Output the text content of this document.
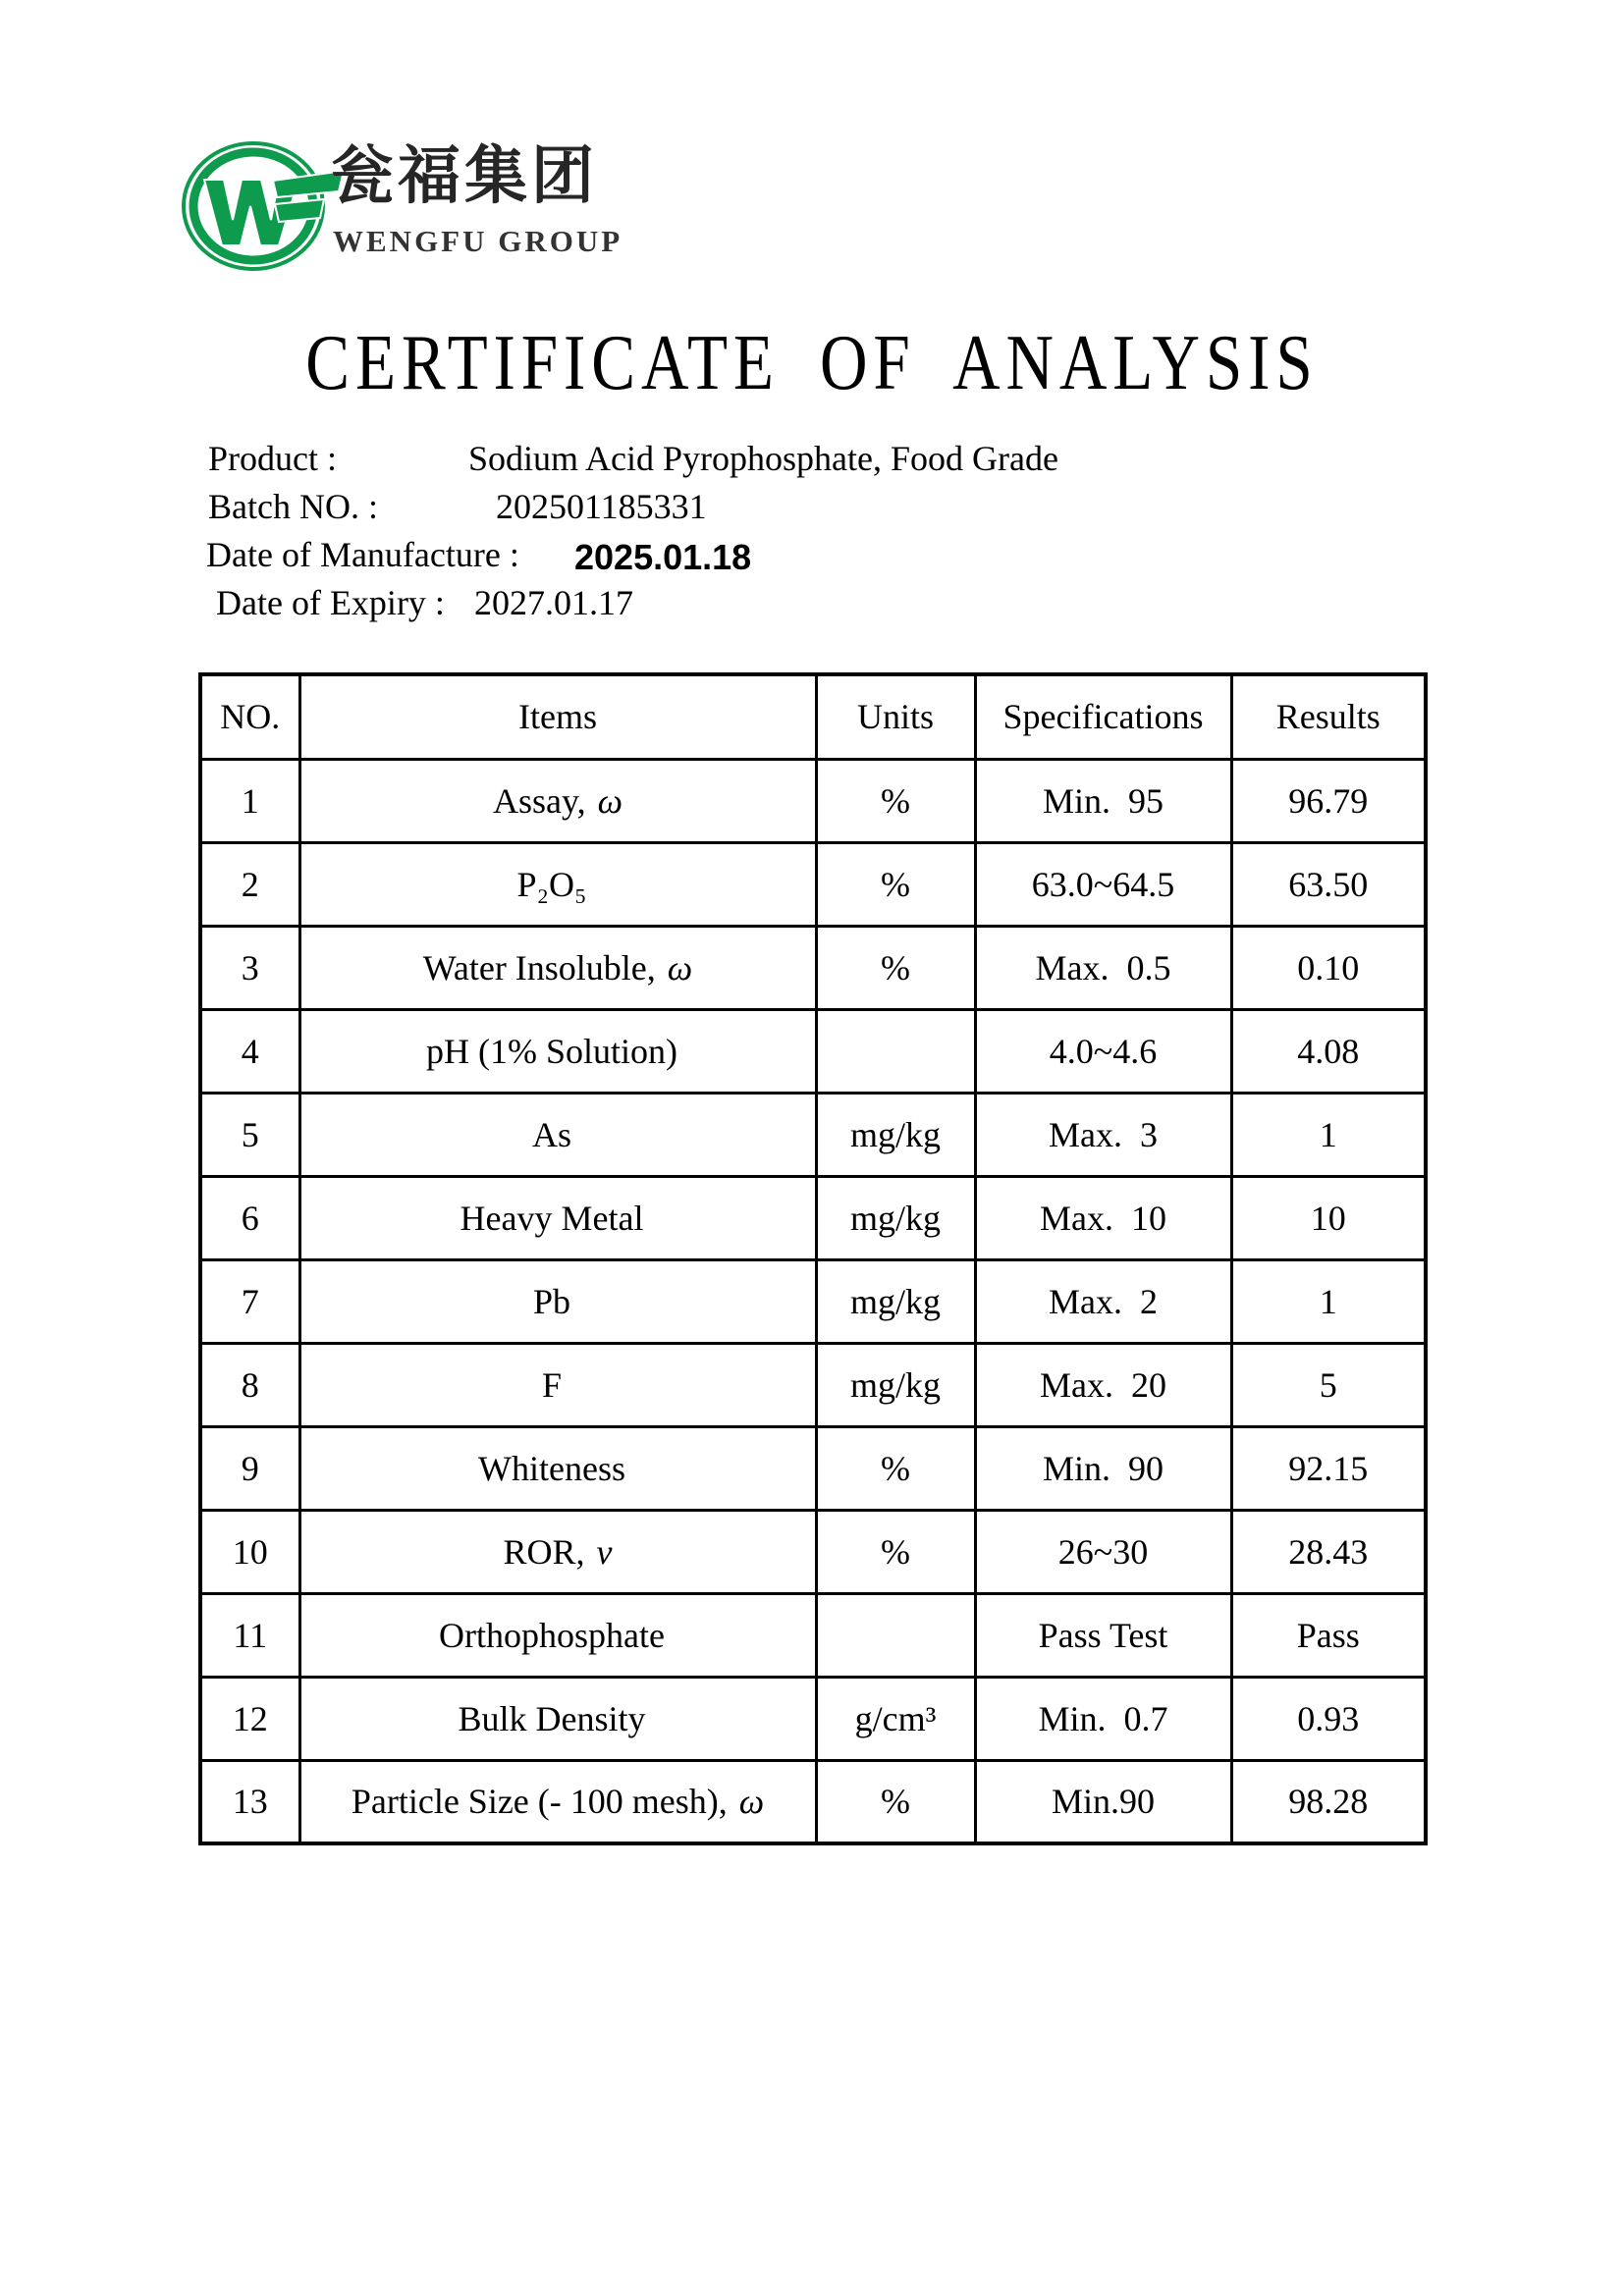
瓮福集团
WENGFU GROUP
CERTIFICATE OF ANALYSIS
Product :	Sodium Acid Pyrophosphate, Food Grade
Batch NO. :	202501185331
Date of Manufacture : 2025.01.18
Date of Expiry : 2027.01.17
NO.	Items	Units	Specifications	Results
1	Assay, ω	%	Min.  95	96.79
2	P₂O₅	%	63.0~64.5	63.50
3	Water Insoluble, ω	%	Max.  0.5	0.10
4	pH (1% Solution)		4.0~4.6	4.08
5	As	mg/kg	Max.  3	1
6	Heavy Metal	mg/kg	Max.  10	10
7	Pb	mg/kg	Max.  2	1
8	F	mg/kg	Max.  20	5
9	Whiteness	%	Min.  90	92.15
10	ROR, v	%	26~30	28.43
11	Orthophosphate		Pass Test	Pass
12	Bulk Density	g/cm³	Min.  0.7	0.93
13	Particle Size (- 100 mesh), ω	%	Min.90	98.28
